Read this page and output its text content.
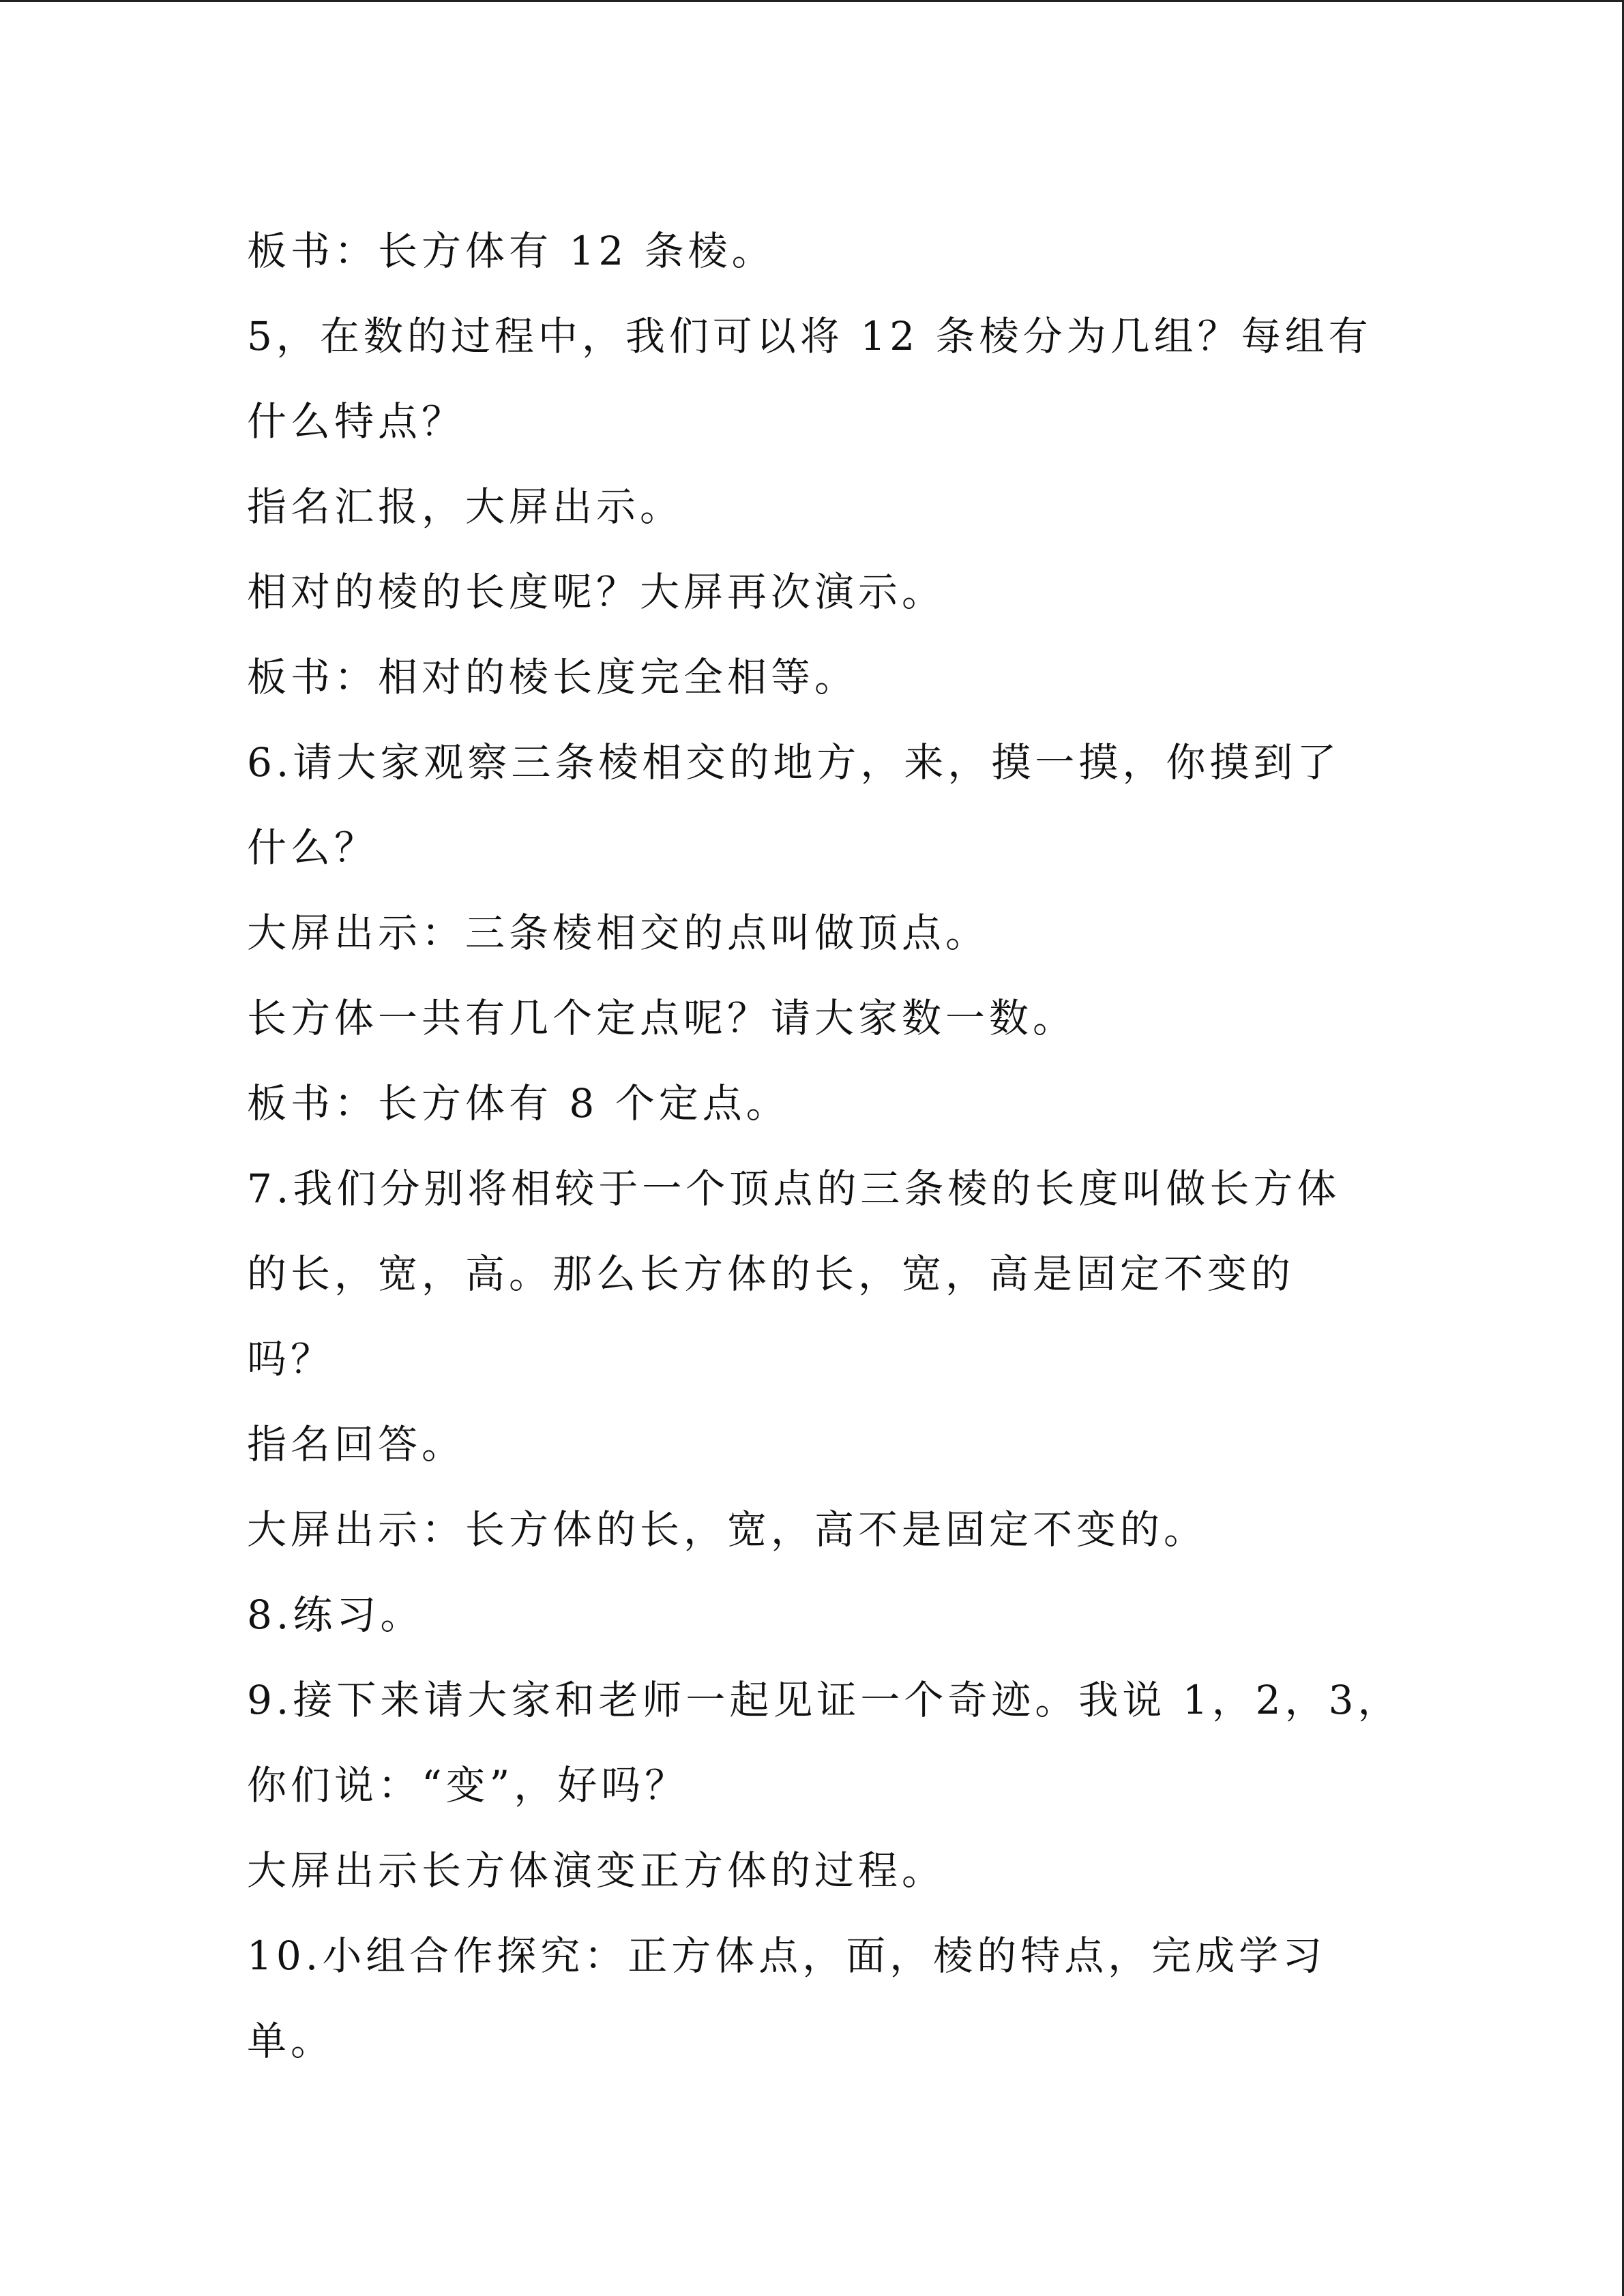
板书：长方体有 12 条棱。
5，在数的过程中，我们可以将 12 条棱分为几组？每组有
什么特点？
指名汇报，大屏出示。
相对的棱的长度呢？大屏再次演示。
板书：相对的棱长度完全相等。
6.请大家观察三条棱相交的地方，来，摸一摸，你摸到了
什么？
大屏出示：三条棱相交的点叫做顶点。
长方体一共有几个定点呢？请大家数一数。
板书：长方体有 8 个定点。
7.我们分别将相较于一个顶点的三条棱的长度叫做长方体
的长，宽，高。那么长方体的长，宽，高是固定不变的
吗？
指名回答。
大屏出示：长方体的长，宽，高不是固定不变的。
8.练习。
9.接下来请大家和老师一起见证一个奇迹。我说 1，2，3，
你们说：“变”，好吗？
大屏出示长方体演变正方体的过程。
10.小组合作探究：正方体点，面，棱的特点，完成学习
单。
